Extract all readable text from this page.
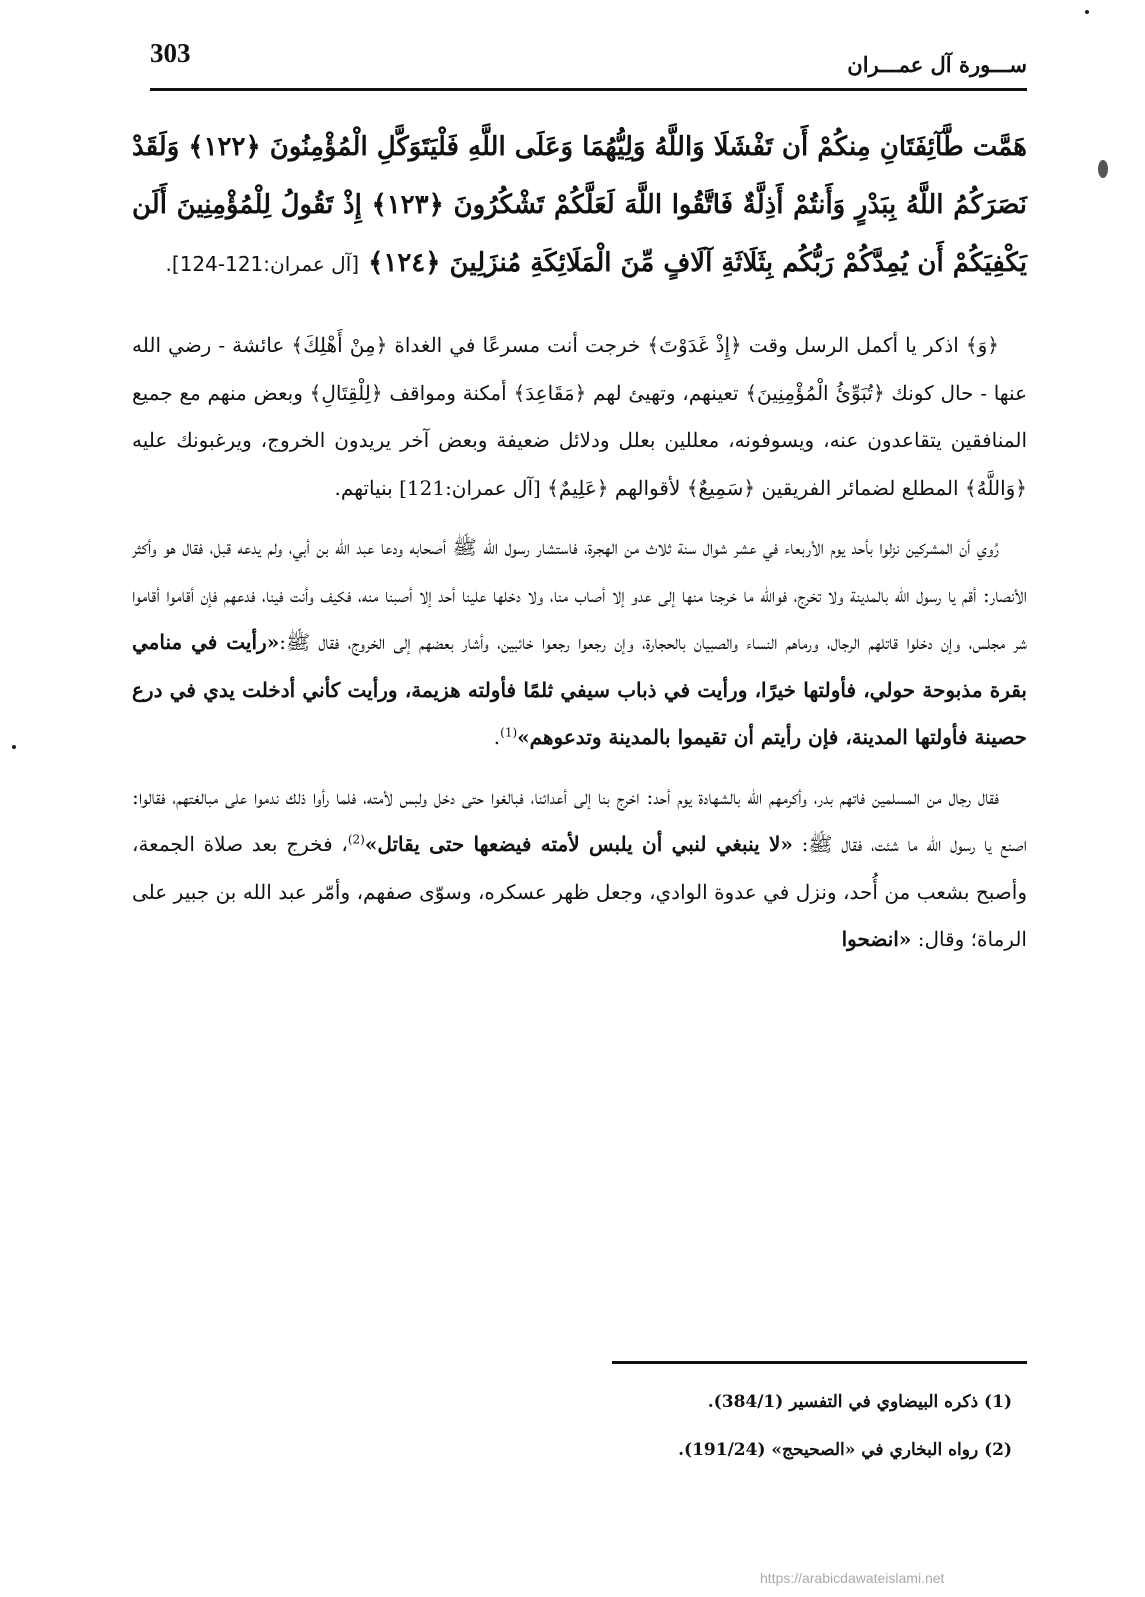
303	ســـورة آل عمـــران
هَمَّت طَّآئِفَتَانِ مِنكُمْ أَن تَفْشَلَا وَاللَّهُ وَلِيُّهُمَا وَعَلَى اللَّهِ فَلْيَتَوَكَّلِ الْمُؤْمِنُونَ ﴿١٢٢﴾ وَلَقَدْ نَصَرَكُمُ اللَّهُ بِبَدْرٍ وَأَنتُمْ أَذِلَّةٌ فَاتَّقُوا اللَّهَ لَعَلَّكُمْ تَشْكُرُونَ ﴿١٢٣﴾ إِذْ تَقُولُ لِلْمُؤْمِنِينَ أَلَن يَكْفِيَكُمْ أَن يُمِدَّكُمْ رَبُّكُم بِثَلَاثَةِ آلَافٍ مِّنَ الْمَلَائِكَةِ مُنزَلِينَ ﴿١٢٤﴾ [آل عمران:121-124].

﴿وَ﴾ اذكر يا أكمل الرسل وقت ﴿إِذْ غَدَوْتَ﴾ خرجت أنت مسرعًا في الغداة ﴿مِنْ أَهْلِكَ﴾ عائشة - رضي الله عنها - حال كونك ﴿تُبَوِّئُ الْمُؤْمِنِينَ﴾ تعينهم، وتهيئ لهم ﴿مَقَاعِدَ﴾ أمكنة ومواقف ﴿لِلْقِتَالِ﴾ وبعض منهم مع جميع المنافقين يتقاعدون عنه، ويسوفونه، معللين بعلل ودلائل ضعيفة وبعض آخر يريدون الخروج، ويرغبونك عليه ﴿وَاللَّهُ﴾ المطلع لضمائر الفريقين ﴿سَمِيعٌ﴾ لأقوالهم ﴿عَلِيمٌ﴾ [آل عمران:121] بنياتهم.

رُوي أن المشركين نزلوا بأحد يوم الأربعاء في عشر شوال سنة ثلاث من الهجرة، فاستشار رسول الله ﷺ أصحابه ودعا عبد الله بن أبي، ولم يدعه قبل، فقال هو وأكثر الأنصار: أقم يا رسول الله بالمدينة ولا تخرج، فوالله ما خرجنا منها إلى عدو إلا أصاب منا، ولا دخلها علينا أحد إلا أصبنا منه، فكيف وأنت فينا، فدعهم فإن أقاموا أقاموا شر مجلس، وإن دخلوا قاتلهم الرجال، ورماهم النساء والصبيان بالحجارة، وإن رجعوا رجعوا خائبين، وأشار بعضهم إلى الخروج، فقال ﷺ:«رأيت في منامي بقرة مذبوحة حولي، فأولتها خيرًا، ورأيت في ذباب سيفي ثلمًا فأولته هزيمة، ورأيت كأني أدخلت يدي في درع حصينة فأولتها المدينة، فإن رأيتم أن تقيموا بالمدينة وتدعوهم»$^{(1)}$.

فقال رجال من المسلمين فاتهم بدر، وأكرمهم الله بالشهادة يوم أحد: اخرج بنا إلى أعدائنا، فبالغوا حتى دخل ولبس لأمته، فلما رأوا ذلك ندموا على مبالغتهم، فقالوا: اصنع يا رسول الله ما شئت، فقال ﷺ: «لا ينبغي لنبي أن يلبس لأمته فيضعها حتى يقاتل»$^{(2)}$، فخرج بعد صلاة الجمعة، وأصبح بشعب من أُحد، ونزل في عدوة الوادي، وجعل ظهر عسكره، وسوّى صفهم، وأمّر عبد الله بن جبير على الرماة؛ وقال: «انضحوا

(1) ذكره البيضاوي في التفسير (384/1).
(2) رواه البخاري في «الصحيحج» (191/24).
https://arabicdawateislami.net
